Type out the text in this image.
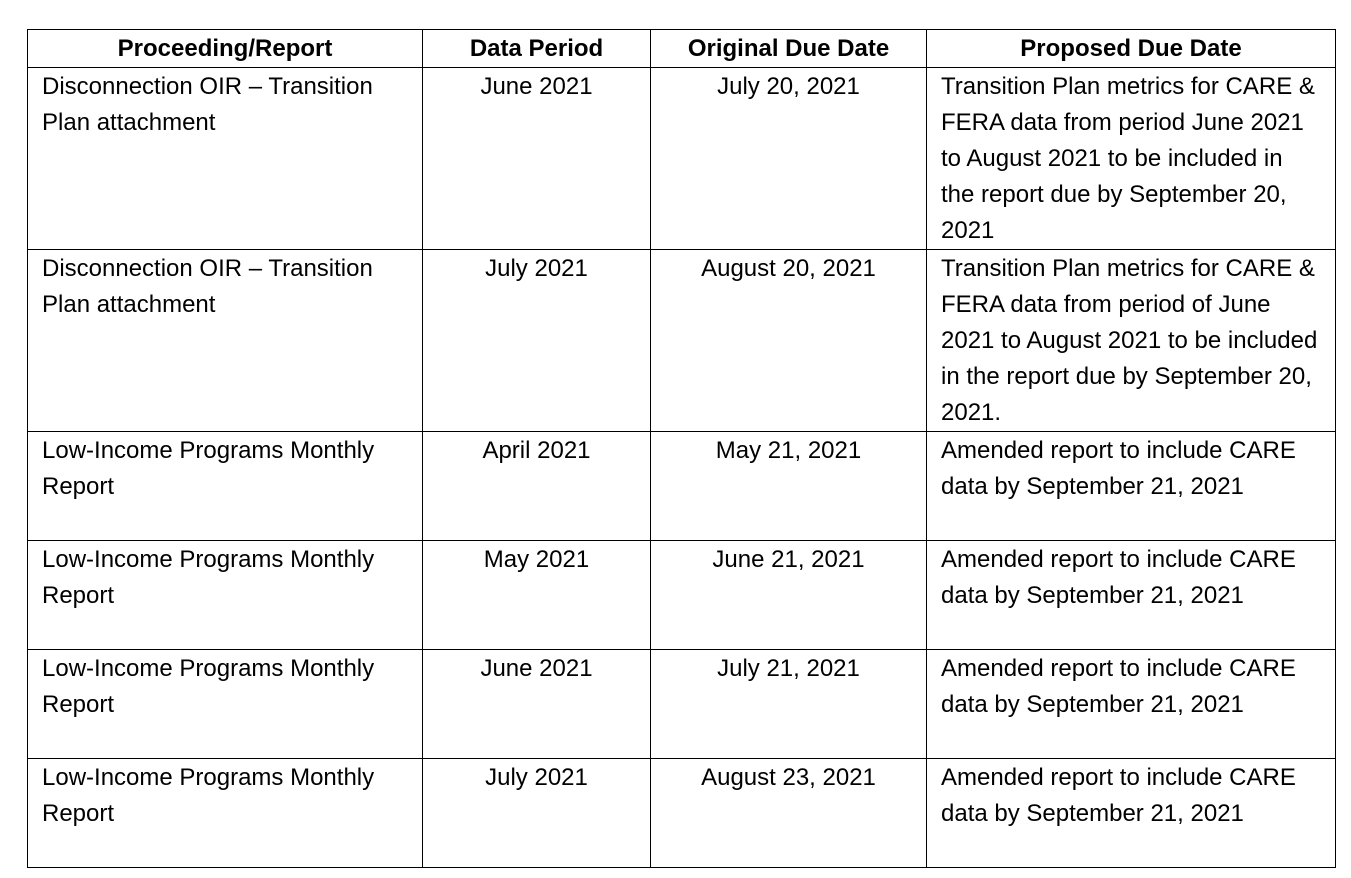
Proceeding/Report	Data Period	Original Due Date	Proposed Due Date
Disconnection OIR – Transition Plan attachment	June 2021	July 20, 2021	Transition Plan metrics for CARE & FERA data from period June 2021 to August 2021 to be included in the report due by September 20, 2021
Disconnection OIR – Transition Plan attachment	July 2021	August 20, 2021	Transition Plan metrics for CARE & FERA data from period of June 2021 to August 2021 to be included in the report due by September 20, 2021.
Low-Income Programs Monthly Report	April 2021	May 21, 2021	Amended report to include CARE data by September 21, 2021
Low-Income Programs Monthly Report	May 2021	June 21, 2021	Amended report to include CARE data by September 21, 2021
Low-Income Programs Monthly Report	June 2021	July 21, 2021	Amended report to include CARE data by September 21, 2021
Low-Income Programs Monthly Report	July 2021	August 23, 2021	Amended report to include CARE data by September 21, 2021
